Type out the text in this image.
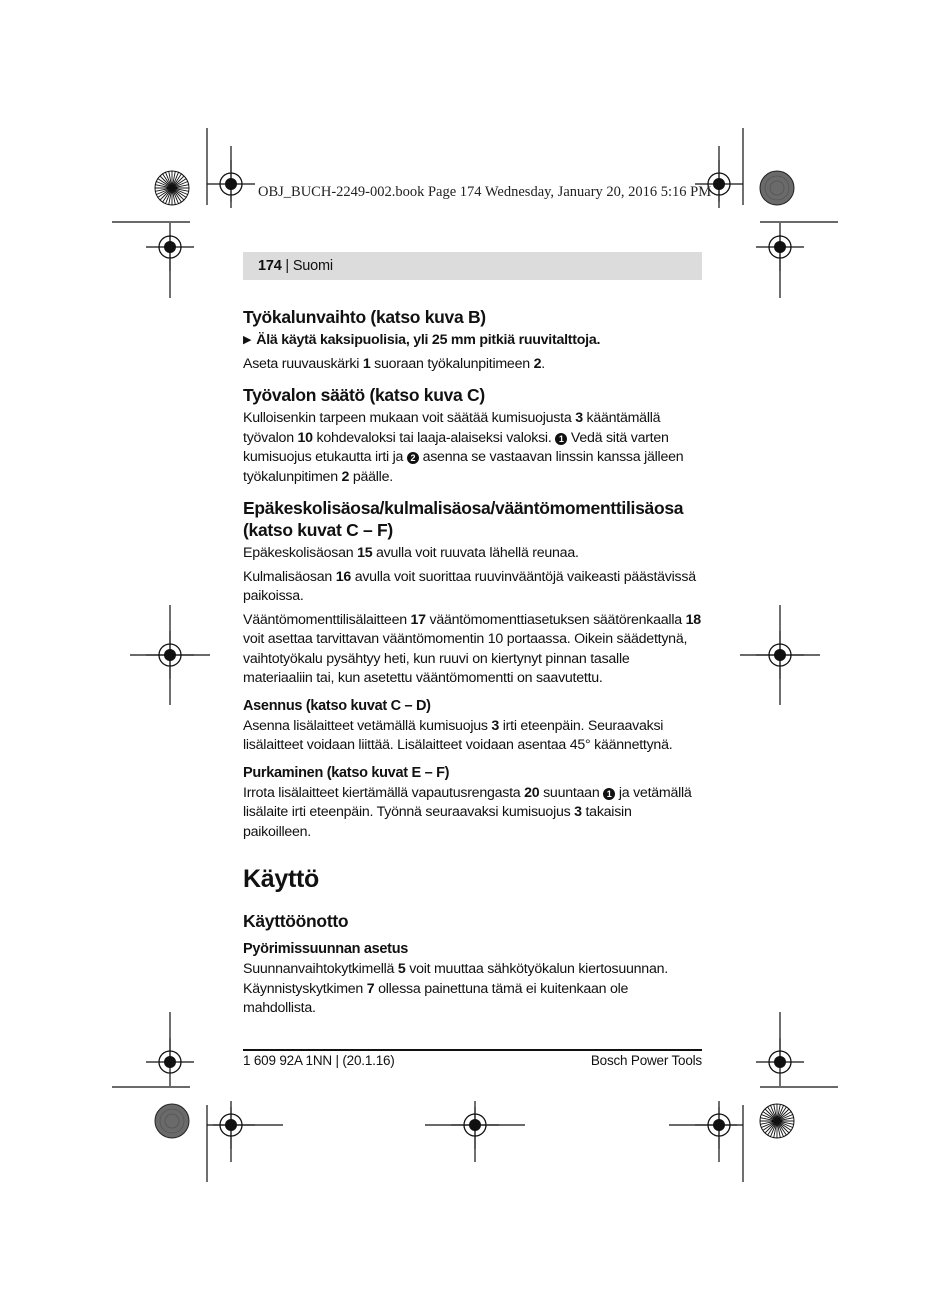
OBJ_BUCH-2249-002.book Page 174 Wednesday, January 20, 2016 5:16 PM
174 | Suomi
Työkalunvaihto (katso kuva B)

▶ Älä käytä kaksipuolisia, yli 25 mm pitkiä ruuvitalttoja.

Aseta ruuvauskärki 1 suoraan työkalunpitimeen 2.

Työvalon säätö (katso kuva C)

Kulloisenkin tarpeen mukaan voit säätää kumisuojusta 3 kääntämällä työvalon 10 kohdevaloksi tai laaja-alaiseksi valoksi. 1 Vedä sitä varten kumisuojus etukautta irti ja 2 asenna se vastaavan linssin kanssa jälleen työkalunpitimen 2 päälle.

Epäkeskolisäosa/kulmalisäosa/vääntömomenttilisäosa (katso kuvat C – F)

Epäkeskolisäosan 15 avulla voit ruuvata lähellä reunaa.

Kulmalisäosan 16 avulla voit suorittaa ruuvinvääntöjä vaikeasti päästävissä paikoissa.

Vääntömomenttilisälaitteen 17 vääntömomenttiasetuksen säätörenkaalla 18 voit asettaa tarvittavan vääntömomentin 10 portaassa. Oikein säädettynä, vaihtotyökalu pysähtyy heti, kun ruuvi on kiertynyt pinnan tasalle materiaaliin tai, kun asetettu vääntömomentti on saavutettu.

Asennus (katso kuvat C – D)

Asenna lisälaitteet vetämällä kumisuojus 3 irti eteenpäin. Seuraavaksi lisälaitteet voidaan liittää. Lisälaitteet voidaan asentaa 45° käännettynä.

Purkaminen (katso kuvat E – F)

Irrota lisälaitteet kiertämällä vapautusrengasta 20 suuntaan 1 ja vetämällä lisälaite irti eteenpäin. Työnnä seuraavaksi kumisuojus 3 takaisin paikoilleen.

Käyttö
Käyttöönotto
Pyörimissuunnan asetus

Suunnanvaihtokytkimellä 5 voit muuttaa sähkötyökalun kiertosuunnan. Käynnistyskytkimen 7 ollessa painettuna tämä ei kuitenkaan ole mahdollista.

1 609 92A 1NN | (20.1.16)	Bosch Power Tools
